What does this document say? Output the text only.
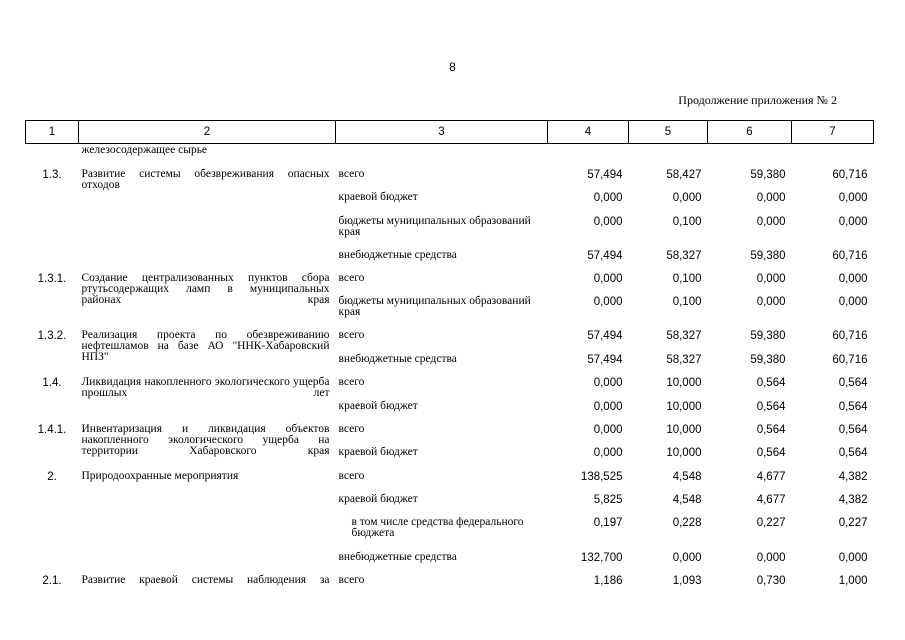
8
Продолжение приложения № 2
1	2	3	4	5	6	7
	железосодержащее сырье					

1.3.	Развитие системы обезвреживания опасных отходов	всего	57,494	58,427	59,380	60,716
		краевой бюджет	0,000	0,000	0,000	0,000
		бюджеты муниципальных образований края	0,000	0,100	0,000	0,000
		внебюджетные средства	57,494	58,327	59,380	60,716
1.3.1.	Создание централизованных пунктов сбора ртутьсодержащих ламп в муниципальных районах края	всего	0,000	0,100	0,000	0,000
		бюджеты муниципальных образований края	0,000	0,100	0,000	0,000
1.3.2.	Реализация проекта по обезвреживанию нефтешламов на базе АО "ННК-Хабаровский НПЗ"	всего	57,494	58,327	59,380	60,716
		внебюджетные средства	57,494	58,327	59,380	60,716
1.4.	Ликвидация накопленного экологического ущерба прошлых лет	всего	0,000	10,000	0,564	0,564
		краевой бюджет	0,000	10,000	0,564	0,564
1.4.1.	Инвентаризация и ликвидация объектов накопленного экологического ущерба на территории Хабаровского края	всего	0,000	10,000	0,564	0,564
		краевой бюджет	0,000	10,000	0,564	0,564
2.	Природоохранные мероприятия	всего	138,525	4,548	4,677	4,382
		краевой бюджет	5,825	4,548	4,677	4,382
		в том числе средства федерального бюджета	0,197	0,228	0,227	0,227
		внебюджетные средства	132,700	0,000	0,000	0,000
2.1.	Развитие краевой системы наблюдения за	всего	1,186	1,093	0,730	1,000
